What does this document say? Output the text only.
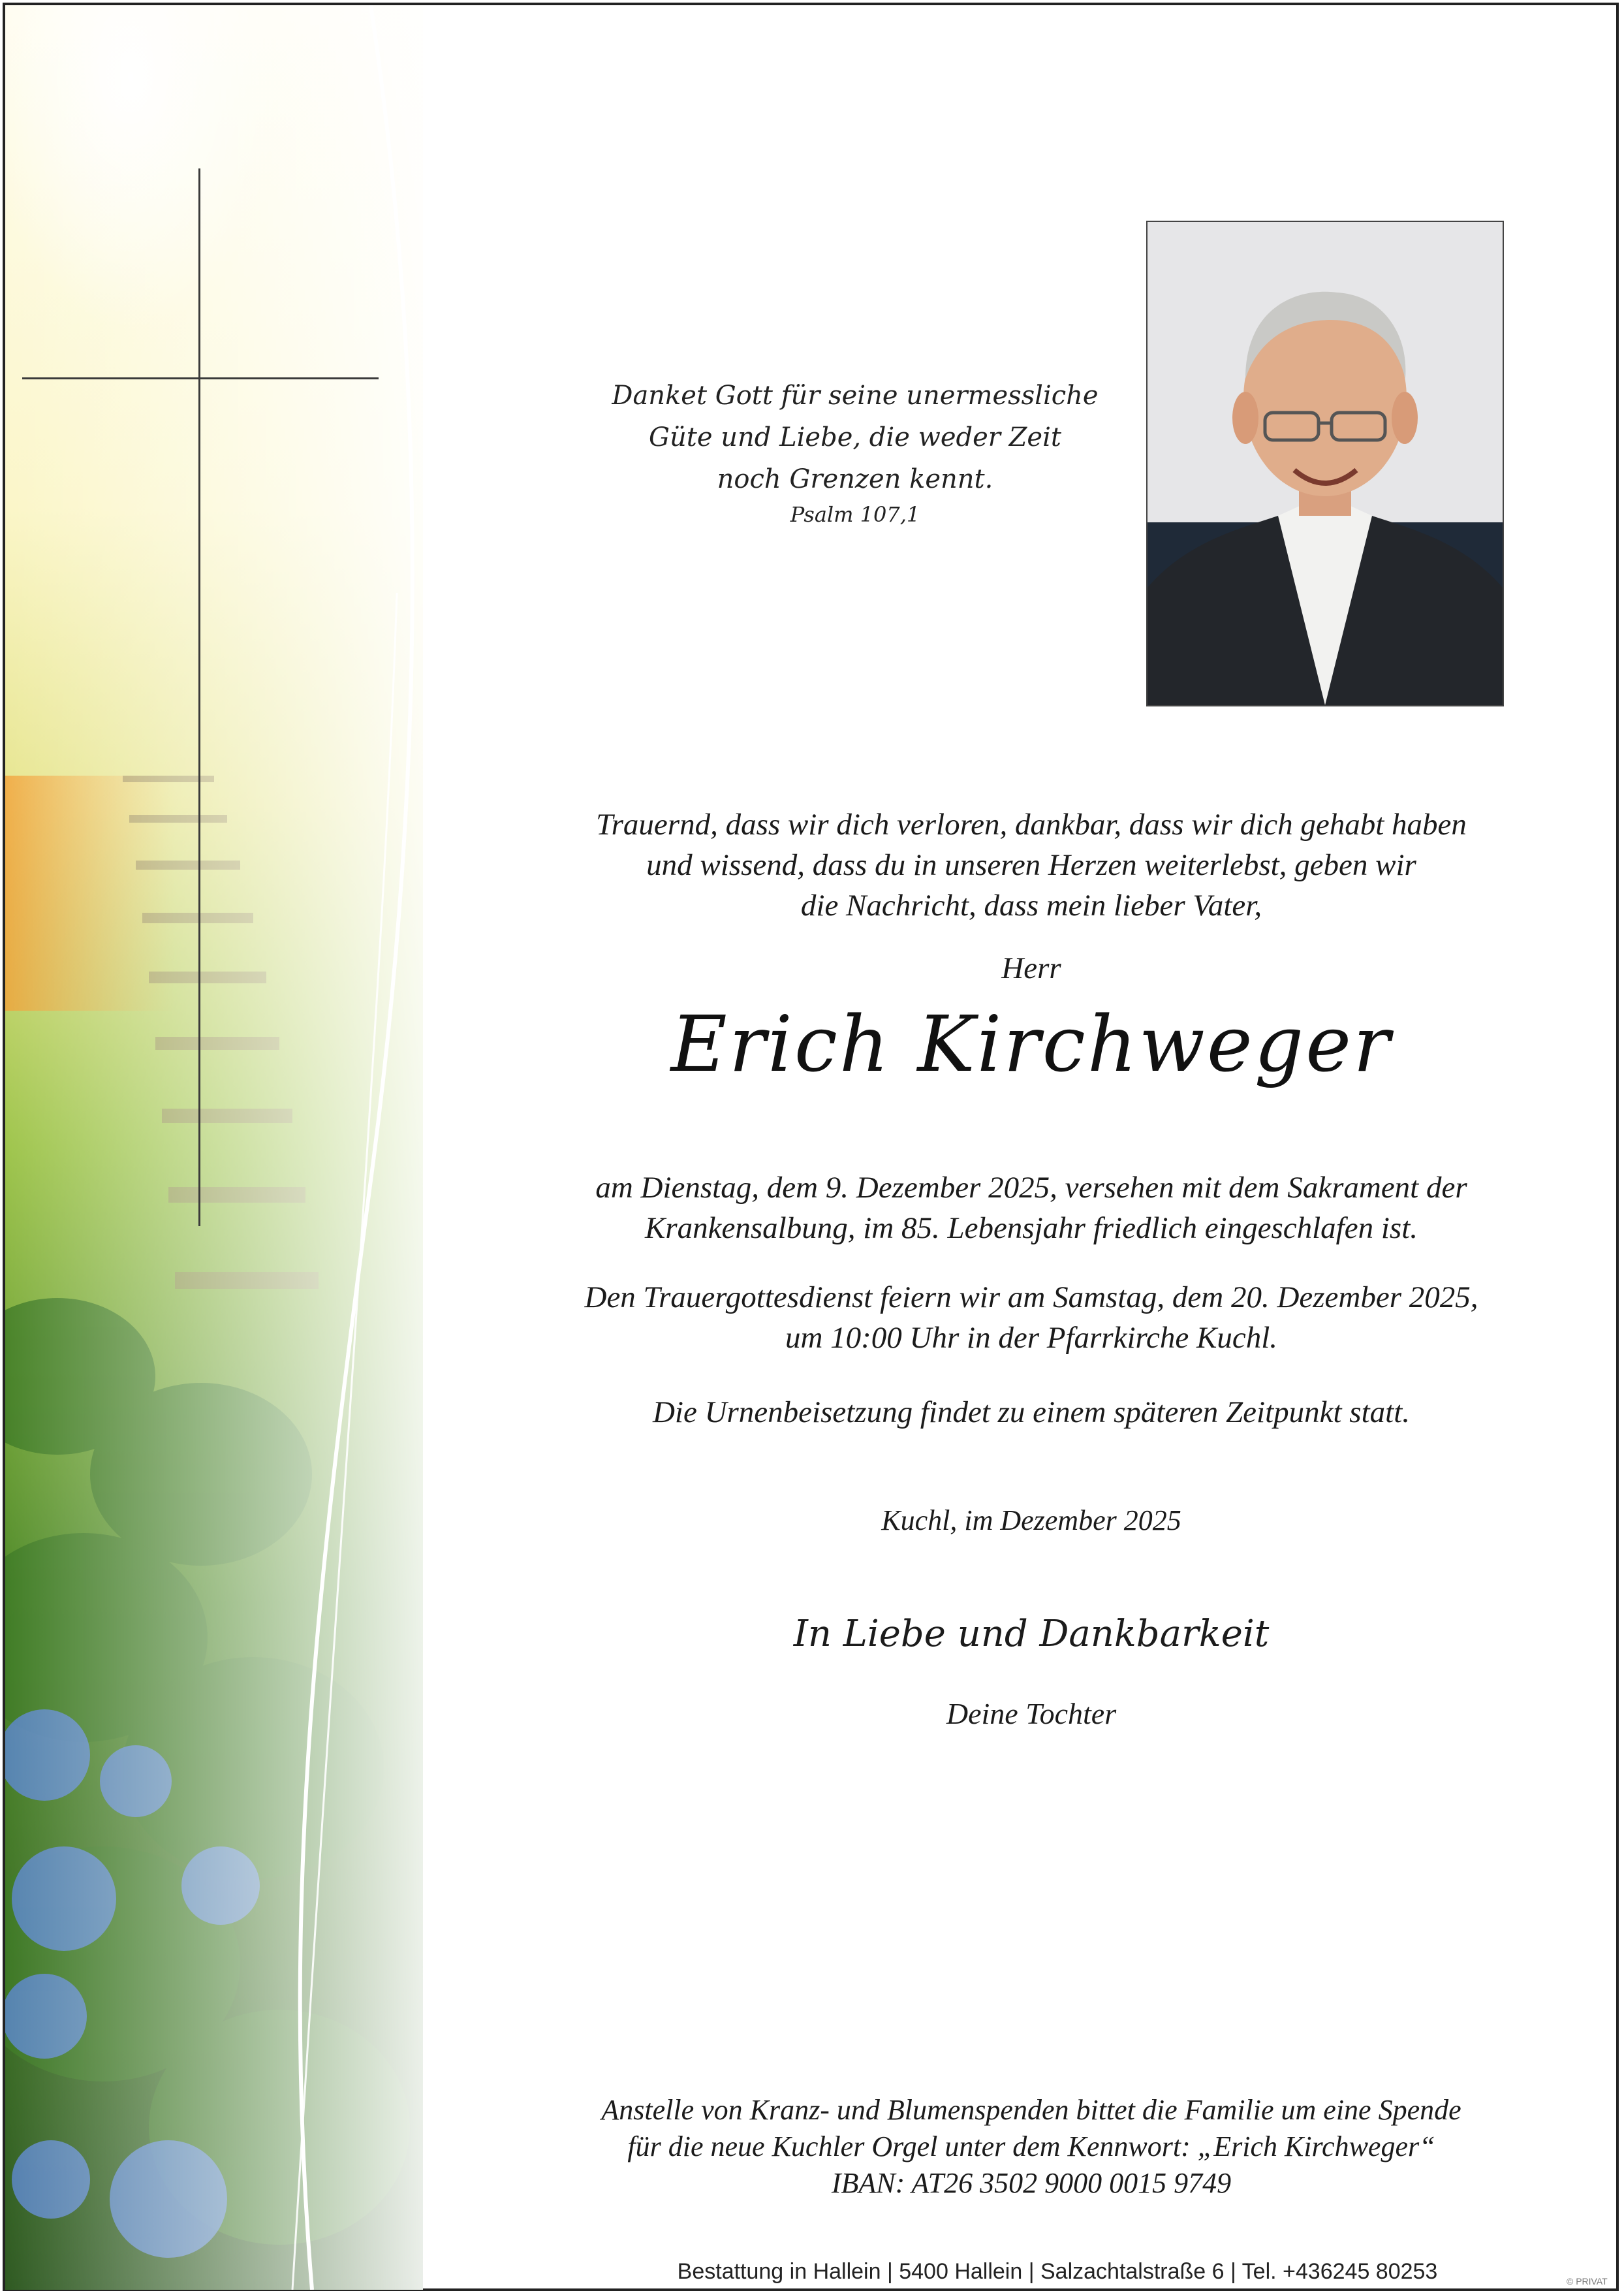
Danket Gott für seine unermessliche
Güte und Liebe, die weder Zeit
noch Grenzen kennt.
Psalm 107,1
Trauernd, dass wir dich verloren, dankbar, dass wir dich gehabt haben
und wissend, dass du in unseren Herzen weiterlebst, geben wir
die Nachricht, dass mein lieber Vater,
Herr
Erich Kirchweger
am Dienstag, dem 9. Dezember 2025, versehen mit dem Sakrament der
Krankensalbung, im 85. Lebensjahr friedlich eingeschlafen ist.
Den Trauergottesdienst feiern wir am Samstag, dem 20. Dezember 2025,
um 10:00 Uhr in der Pfarrkirche Kuchl.
Die Urnenbeisetzung findet zu einem späteren Zeitpunkt statt.
Kuchl, im Dezember 2025
In Liebe und Dankbarkeit
Deine Tochter
Anstelle von Kranz- und Blumenspenden bittet die Familie um eine Spende
für die neue Kuchler Orgel unter dem Kennwort: „Erich Kirchweger“
IBAN: AT26 3502 9000 0015 9749
Bestattung in Hallein | 5400 Hallein | Salzachtalstraße 6 | Tel. +436245 80253	© PRIVAT
